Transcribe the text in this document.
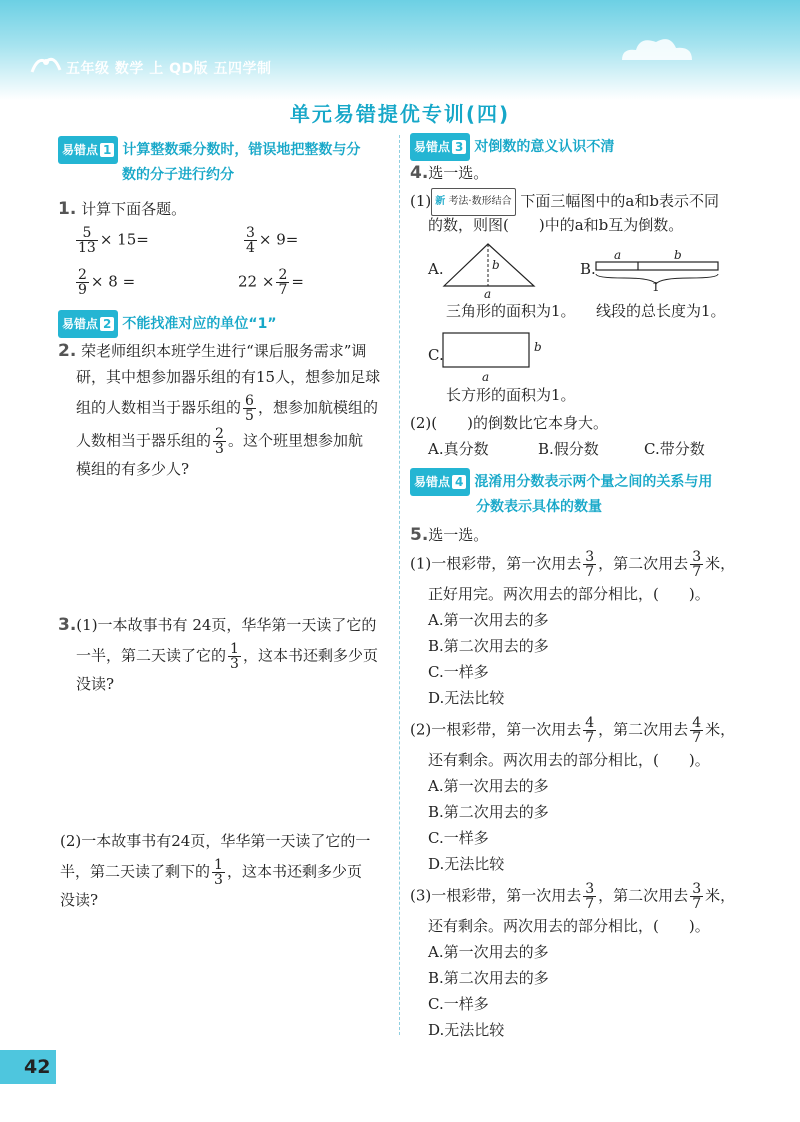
五年级 数学 上 QD版 五四学制
单元易错提优专训(四)
易错点 1 计算整数乘分数时，错误地把整数与分
数的分子进行约分
1. 计算下面各题。
$\frac{5}{13} \times 15=$	$\frac{3}{4} \times 9=$
$\frac{2}{9} \times 8$ =	$22 \times \frac{2}{7}$ =
易错点 2 不能找准对应的单位“1”
2. 荣老师组织本班学生进行“课后服务需求”调
研，其中想参加器乐组的有15人，想参加足球
组的人数相当于器乐组的 $\frac{6}{5}$ ，想参加航模组的
人数相当于器乐组的 $\frac{2}{3}$ 。这个班里想参加航
模组的有多少人?
3.(1)一本故事书有 24页，华华第一天读了它的
一半，第二天读了它的 $\frac{1}{3}$ ，这本书还剩多少页
没读?
(2)一本故事书有24页，华华第一天读了它的一
半，第二天读了剩下的 $\frac{1}{3}$ ，这本书还剩多少页
没读?
易错点 3 对倒数的意义认识不清
4.选一选。
(1) 新 考法·数形结合 下面三幅图中的a和b表示不同
的数，则图(　　)中的a和b互为倒数。
A.	b
a
三角形的面积为1。
B.
a	b
1
线段的总长度为1。
C.	b
a
长方形的面积为1。
(2)(　　)的倒数比它本身大。
A.真分数	B.假分数	C.带分数
易错点 4 混淆用分数表示两个量之间的关系与用
分数表示具体的数量
5.选一选。
(1)一根彩带，第一次用去 $\frac{3}{7}$ ，第二次用去 $\frac{3}{7}$ 米，
正好用完。两次用去的部分相比，(　　)。
A.第一次用去的多
B.第二次用去的多
C.一样多
D.无法比较
(2)一根彩带，第一次用去 $\frac{4}{7}$ ，第二次用去 $\frac{4}{7}$ 米，
还有剩余。两次用去的部分相比，(　　)。
A.第一次用去的多
B.第二次用去的多
C.一样多
D.无法比较
(3)一根彩带，第一次用去 $\frac{3}{7}$ ，第二次用去 $\frac{3}{7}$ 米，
还有剩余。两次用去的部分相比，(　　)。
A.第一次用去的多
B.第二次用去的多
C.一样多
D.无法比较
42
